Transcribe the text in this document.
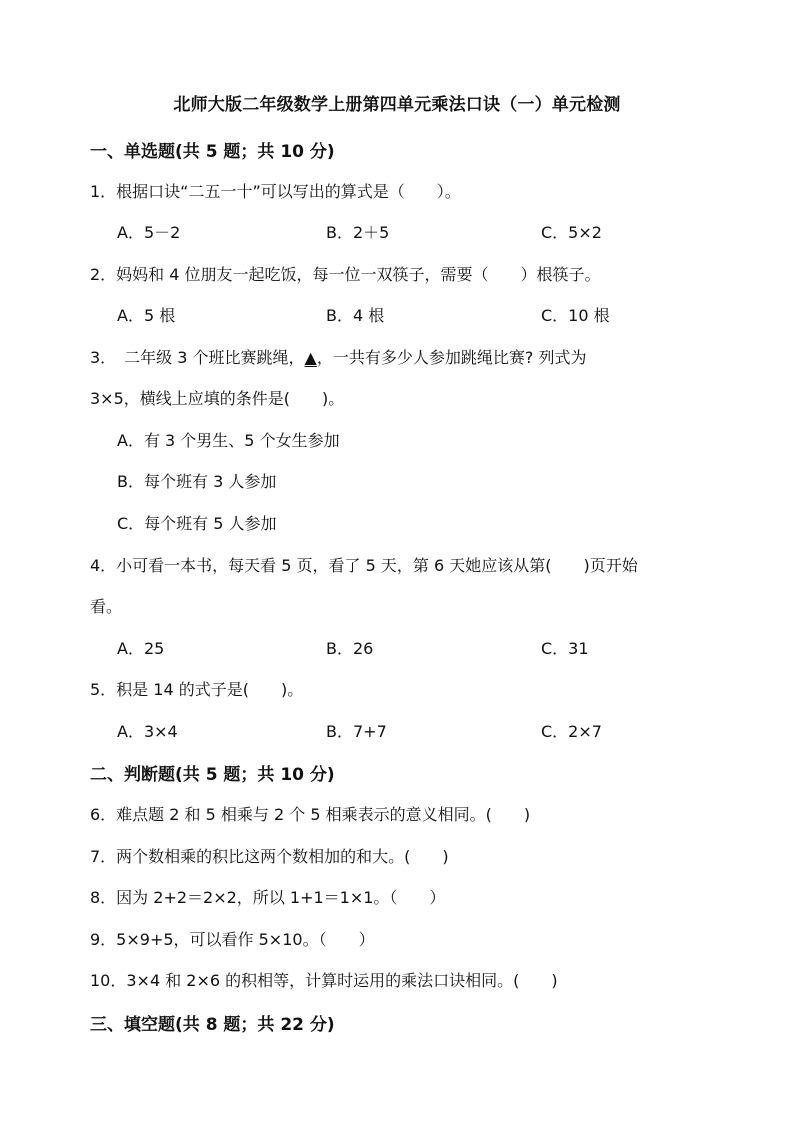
北师大版二年级数学上册第四单元乘法口诀（一）单元检测
一、单选题(共 5 题；共 10 分)
1．根据口诀“二五一十”可以写出的算式是（　　）。
A．5－2	B．2＋5	C．5×2
2．妈妈和 4 位朋友一起吃饭，每一位一双筷子，需要（　　）根筷子。
A．5 根	B．4 根	C．10 根
3．　二年级 3 个班比赛跳绳，▲，一共有多少人参加跳绳比赛? 列式为
3×5，横线上应填的条件是(　　)。
A．有 3 个男生、5 个女生参加
B．每个班有 3 人参加
C．每个班有 5 人参加
4．小可看一本书，每天看 5 页，看了 5 天，第 6 天她应该从第(　　)页开始
看。
A．25	B．26	C．31
5．积是 14 的式子是(　　)。
A．3×4	B．7+7	C．2×7
二、判断题(共 5 题；共 10 分)
6．难点题 2 和 5 相乘与 2 个 5 相乘表示的意义相同。(　　)
7．两个数相乘的积比这两个数相加的和大。(　　)
8．因为 2+2＝2×2，所以 1+1＝1×1。（　　）
9．5×9+5，可以看作 5×10。（　　）
10．3×4 和 2×6 的积相等，计算时运用的乘法口诀相同。(　　)
三、填空题(共 8 题；共 22 分)
